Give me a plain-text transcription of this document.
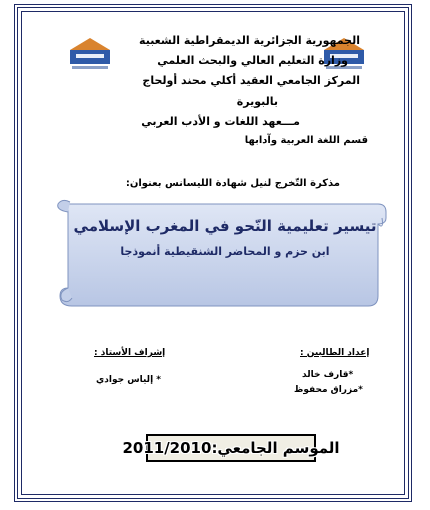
الجمهورية الجزائرية الديمقراطية الشعبية
وزارة التعليم العالي والبحث العلمي
المركز الجامعي العقيد أكلي محند أولحاج
بالبويرة
مـــعهد اللغات و الأدب العربي
قسم اللغة العربية وآدابها
مذكرة التّخرج لنيل شهادة الليسانس بعنوان:
تيسير تعليمية النّحو في المغرب الإسلامي
ابن حزم و المحاضر الشنقيطية أنموذجا
إعداد الطالبين :
*قارف خالد
*مزراق محفوظ
إشراف الأستاذ :
* إلياس جوادي
الموسم الجامعي:2011/2010
